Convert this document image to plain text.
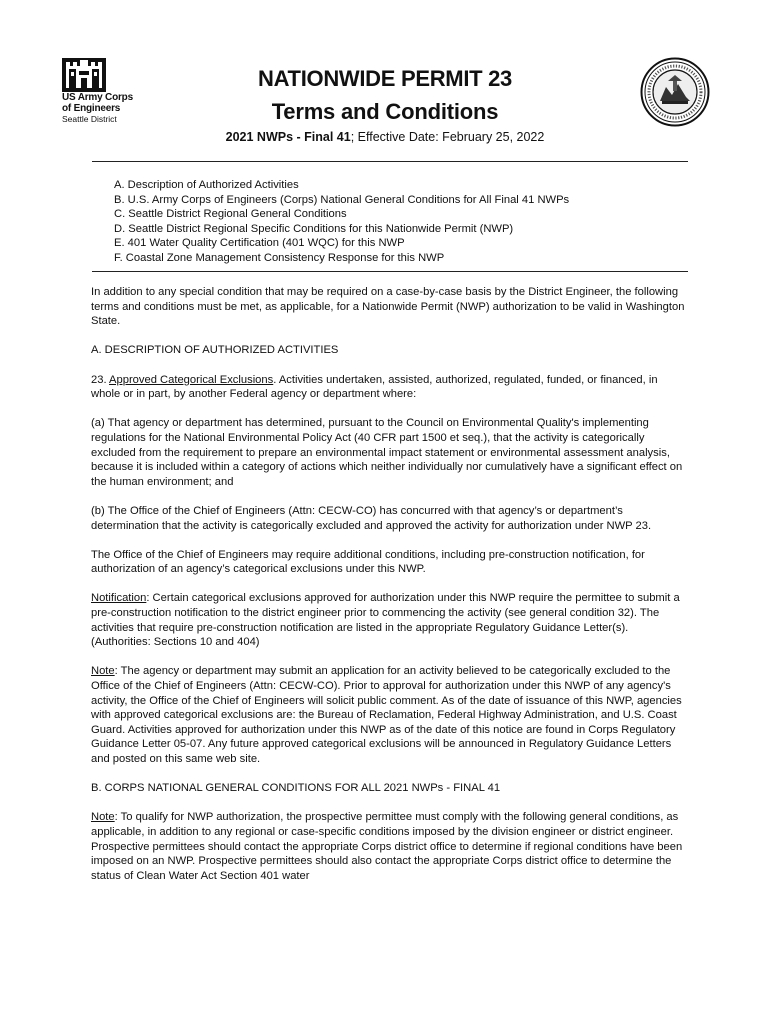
US Army Corps
of Engineers
Seattle District
NATIONWIDE PERMIT 23
Terms and Conditions
2021 NWPs - Final 41; Effective Date: February 25, 2022
A. Description of Authorized Activities
B. U.S. Army Corps of Engineers (Corps) National General Conditions for All Final 41 NWPs
C. Seattle District Regional General Conditions
D. Seattle District Regional Specific Conditions for this Nationwide Permit (NWP)
E. 401 Water Quality Certification (401 WQC) for this NWP
F. Coastal Zone Management Consistency Response for this NWP

In addition to any special condition that may be required on a case-by-case basis by the District Engineer, the following terms and conditions must be met, as applicable, for a Nationwide Permit (NWP) authorization to be valid in Washington State.

A. DESCRIPTION OF AUTHORIZED ACTIVITIES

23. Approved Categorical Exclusions. Activities undertaken, assisted, authorized, regulated, funded, or financed, in whole or in part, by another Federal agency or department where:

(a) That agency or department has determined, pursuant to the Council on Environmental Quality's implementing regulations for the National Environmental Policy Act (40 CFR part 1500 et seq.), that the activity is categorically excluded from the requirement to prepare an environmental impact statement or environmental assessment analysis, because it is included within a category of actions which neither individually nor cumulatively have a significant effect on the human environment; and

(b) The Office of the Chief of Engineers (Attn: CECW-CO) has concurred with that agency’s or department’s determination that the activity is categorically excluded and approved the activity for authorization under NWP 23.

The Office of the Chief of Engineers may require additional conditions, including pre-construction notification, for authorization of an agency’s categorical exclusions under this NWP.

Notification: Certain categorical exclusions approved for authorization under this NWP require the permittee to submit a pre-construction notification to the district engineer prior to commencing the activity (see general condition 32). The activities that require pre-construction notification are listed in the appropriate Regulatory Guidance Letter(s). (Authorities: Sections 10 and 404)

Note: The agency or department may submit an application for an activity believed to be categorically excluded to the Office of the Chief of Engineers (Attn: CECW-CO). Prior to approval for authorization under this NWP of any agency's activity, the Office of the Chief of Engineers will solicit public comment. As of the date of issuance of this NWP, agencies with approved categorical exclusions are: the Bureau of Reclamation, Federal Highway Administration, and U.S. Coast Guard. Activities approved for authorization under this NWP as of the date of this notice are found in Corps Regulatory Guidance Letter 05-07. Any future approved categorical exclusions will be announced in Regulatory Guidance Letters and posted on this same web site.

B. CORPS NATIONAL GENERAL CONDITIONS FOR ALL 2021 NWPs - FINAL 41

Note: To qualify for NWP authorization, the prospective permittee must comply with the following general conditions, as applicable, in addition to any regional or case-specific conditions imposed by the division engineer or district engineer. Prospective permittees should contact the appropriate Corps district office to determine if regional conditions have been imposed on an NWP. Prospective permittees should also contact the appropriate Corps district office to determine the status of Clean Water Act Section 401 water
